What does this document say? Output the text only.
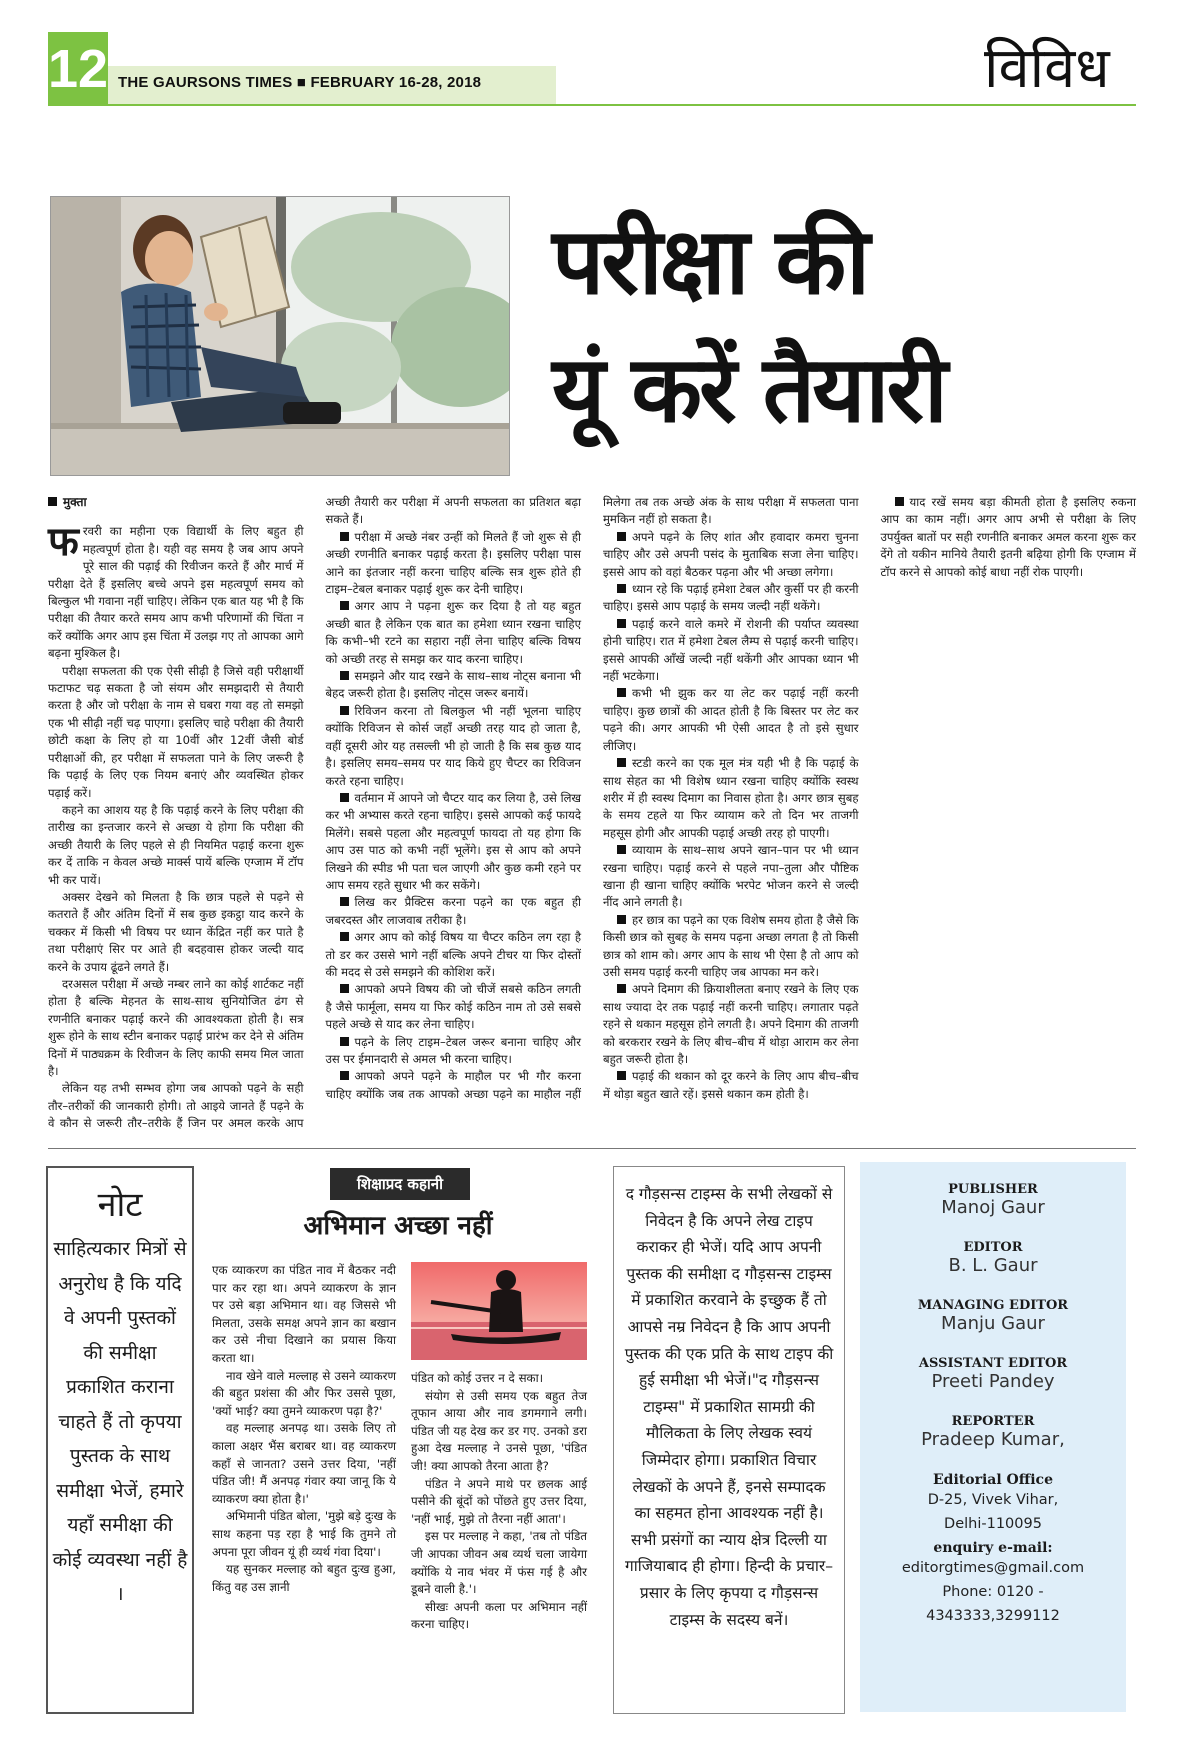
12 THE GAURSONS TIMES ■ FEBRUARY 16-28, 2018	विविध
परीक्षा की
यूं करें तैयारी
मुक्ता

फरवरी का महीना एक विद्यार्थी के लिए बहुत ही महत्वपूर्ण होता है। यही वह समय है जब आप अपने पूरे साल की पढ़ाई की रिवीजन करते हैं और मार्च में परीक्षा देते हैं इसलिए बच्चे अपने इस महत्वपूर्ण समय को बिल्कुल भी गवाना नहीं चाहिए। लेकिन एक बात यह भी है कि परीक्षा की तैयार करते समय आप कभी परिणामों की चिंता न करें क्योंकि अगर आप इस चिंता में उलझ गए तो आपका आगे बढ़ना मुश्किल है।

परीक्षा सफलता की एक ऐसी सीढ़ी है जिसे वही परीक्षार्थी फटाफट चढ़ सकता है जो संयम और समझदारी से तैयारी करता है और जो परीक्षा के नाम से घबरा गया वह तो समझो एक भी सीढ़ी नहीं चढ़ पाएगा। इसलिए चाहे परीक्षा की तैयारी छोटी कक्षा के लिए हो या 10वीं और 12वीं जैसी बोर्ड परीक्षाओं की, हर परीक्षा में सफलता पाने के लिए जरूरी है कि पढ़ाई के लिए एक नियम बनाएं और व्यवस्थित होकर पढ़ाई करें।

कहने का आशय यह है कि पढ़ाई करने के लिए परीक्षा की तारीख का इन्तजार करने से अच्छा ये होगा कि परीक्षा की अच्छी तैयारी के लिए पहले से ही नियमित पढ़ाई करना शुरू कर दें ताकि न केवल अच्छे मार्क्स पायें बल्कि एग्जाम में टॉप भी कर पायें।

अक्सर देखने को मिलता है कि छात्र पहले से पढ़ने से कतराते हैं और अंतिम दिनों में सब कुछ इकट्ठा याद करने के चक्कर में किसी भी विषय पर ध्यान केंद्रित नहीं कर पाते है तथा परीक्षाएं सिर पर आते ही बदहवास होकर जल्दी याद करने के उपाय ढूंढने लगते हैं।

दरअसल परीक्षा में अच्छे नम्बर लाने का कोई शार्टकट नहीं होता है बल्कि मेहनत के साथ-साथ सुनियोजित ढंग से रणनीति बनाकर पढ़ाई करने की आवश्यकता होती है। सत्र शुरू होने के साथ स्टीन बनाकर पढ़ाई प्रारंभ कर देने से अंतिम दिनों में पाठ्यक्रम के रिवीजन के लिए काफी समय मिल जाता है।

लेकिन यह तभी सम्भव होगा जब आपको पढ़ने के सही तौर–तरीकों की जानकारी होगी। तो आइये जानते हैं पढ़ने के वे कौन से जरूरी तौर–तरीके हैं जिन पर अमल करके आप अच्छी तैयारी कर परीक्षा में अपनी सफलता का प्रतिशत बढ़ा सकते हैं।

परीक्षा में अच्छे नंबर उन्हीं को मिलते हैं जो शुरू से ही अच्छी रणनीति बनाकर पढ़ाई करता है। इसलिए परीक्षा पास आने का इंतजार नहीं करना चाहिए बल्कि सत्र शुरू होते ही टाइम–टेबल बनाकर पढ़ाई शुरू कर देनी चाहिए।

अगर आप ने पढ़ना शुरू कर दिया है तो यह बहुत अच्छी बात है लेकिन एक बात का हमेशा ध्यान रखना चाहिए कि कभी–भी रटने का सहारा नहीं लेना चाहिए बल्कि विषय को अच्छी तरह से समझ कर याद करना चाहिए।

समझने और याद रखने के साथ–साथ नोट्स बनाना भी बेहद जरूरी होता है। इसलिए नोट्स जरूर बनायें।

रिविजन करना तो बिलकुल भी नहीं भूलना चाहिए क्योंकि रिविजन से कोर्स जहाँ अच्छी तरह याद हो जाता है, वहीं दूसरी ओर यह तसल्ली भी हो जाती है कि सब कुछ याद है। इसलिए समय–समय पर याद किये हुए चैप्टर का रिविजन करते रहना चाहिए।

वर्तमान में आपने जो चैप्टर याद कर लिया है, उसे लिख कर भी अभ्यास करते रहना चाहिए। इससे आपको कई फायदे मिलेंगे। सबसे पहला और महत्वपूर्ण फायदा तो यह होगा कि आप उस पाठ को कभी नहीं भूलेंगे। इस से आप को अपने लिखने की स्पीड भी पता चल जाएगी और कुछ कमी रहने पर आप समय रहते सुधार भी कर सकेंगे।

लिख कर प्रैक्टिस करना पढ़ने का एक बहुत ही जबरदस्त और लाजवाब तरीका है।

अगर आप को कोई विषय या चैप्टर कठिन लग रहा है तो डर कर उससे भागे नहीं बल्कि अपने टीचर या फिर दोस्तों की मदद से उसे समझने की कोशिश करें।

आपको अपने विषय की जो चीजें सबसे कठिन लगती है जैसे फार्मूला, समय या फिर कोई कठिन नाम तो उसे सबसे पहले अच्छे से याद कर लेना चाहिए।

पढ़ने के लिए टाइम–टेबल जरूर बनाना चाहिए और उस पर ईमानदारी से अमल भी करना चाहिए।

आपको अपने पढ़ने के माहौल पर भी गौर करना चाहिए क्योंकि जब तक आपको अच्छा पढ़ने का माहौल नहीं मिलेगा तब तक अच्छे अंक के साथ परीक्षा में सफलता पाना मुमकिन नहीं हो सकता है।

अपने पढ़ने के लिए शांत और हवादार कमरा चुनना चाहिए और उसे अपनी पसंद के मुताबिक सजा लेना चाहिए। इससे आप को वहां बैठकर पढ़ना और भी अच्छा लगेगा।

ध्यान रहे कि पढ़ाई हमेशा टेबल और कुर्सी पर ही करनी चाहिए। इससे आप पढ़ाई के समय जल्दी नहीं थकेंगे।

पढ़ाई करने वाले कमरे में रोशनी की पर्याप्त व्यवस्था होनी चाहिए। रात में हमेशा टेबल लैम्प से पढ़ाई करनी चाहिए। इससे आपकी आँखें जल्दी नहीं थकेंगी और आपका ध्यान भी नहीं भटकेगा।

कभी भी झुक कर या लेट कर पढ़ाई नहीं करनी चाहिए। कुछ छात्रों की आदत होती है कि बिस्तर पर लेट कर पढ़ने की। अगर आपकी भी ऐसी आदत है तो इसे सुधार लीजिए।

स्टडी करने का एक मूल मंत्र यही भी है कि पढ़ाई के साथ सेहत का भी विशेष ध्यान रखना चाहिए क्योंकि स्वस्थ शरीर में ही स्वस्थ दिमाग का निवास होता है। अगर छात्र सुबह के समय टहले या फिर व्यायाम करे तो दिन भर ताजगी महसूस होगी और आपकी पढ़ाई अच्छी तरह हो पाएगी।

व्यायाम के साथ–साथ अपने खान–पान पर भी ध्यान रखना चाहिए। पढ़ाई करने से पहले नपा–तुला और पौष्टिक खाना ही खाना चाहिए क्योंकि भरपेट भोजन करने से जल्दी नींद आने लगती है।

हर छात्र का पढ़ने का एक विशेष समय होता है जैसे कि किसी छात्र को सुबह के समय पढ़ना अच्छा लगता है तो किसी छात्र को शाम को। अगर आप के साथ भी ऐसा है तो आप को उसी समय पढ़ाई करनी चाहिए जब आपका मन करे।

अपने दिमाग की क्रियाशीलता बनाए रखने के लिए एक साथ ज्यादा देर तक पढ़ाई नहीं करनी चाहिए। लगातार पढ़ते रहने से थकान महसूस होने लगती है। अपने दिमाग की ताजगी को बरकरार रखने के लिए बीच–बीच में थोड़ा आराम कर लेना बहुत जरूरी होता है।

पढ़ाई की थकान को दूर करने के लिए आप बीच–बीच में थोड़ा बहुत खाते रहें। इससे थकान कम होती है।

याद रखें समय बड़ा कीमती होता है इसलिए रुकना आप का काम नहीं। अगर आप अभी से परीक्षा के लिए उपर्युक्त बातों पर सही रणनीति बनाकर अमल करना शुरू कर देंगे तो यकीन मानिये तैयारी इतनी बढ़िया होगी कि एग्जाम में टॉप करने से आपको कोई बाधा नहीं रोक पाएगी।

नोट
साहित्यकार मित्रों से अनुरोध है कि यदि वे अपनी पुस्तकों की समीक्षा प्रकाशित कराना चाहते हैं तो कृपया पुस्तक के साथ समीक्षा भेजें, हमारे यहाँ समीक्षा की कोई व्यवस्था नहीं है ।
शिक्षाप्रद कहानी
अभिमान अच्छा नहीं

एक व्याकरण का पंडित नाव में बैठकर नदी पार कर रहा था। अपने व्याकरण के ज्ञान पर उसे बड़ा अभिमान था। वह जिससे भी मिलता, उसके समक्ष अपने ज्ञान का बखान कर उसे नीचा दिखाने का प्रयास किया करता था।

नाव खेने वाले मल्लाह से उसने व्याकरण की बहुत प्रशंसा की और फिर उससे पूछा, 'क्यों भाई? क्या तुमने व्याकरण पढ़ा है?'

वह मल्लाह अनपढ़ था। उसके लिए तो काला अक्षर भैंस बराबर था। वह व्याकरण कहाँ से जानता? उसने उत्तर दिया, 'नहीं पंडित जी! मैं अनपढ़ गंवार क्या जानू कि ये व्याकरण क्या होता है।'

अभिमानी पंडित बोला, 'मुझे बड़े दुःख के साथ कहना पड़ रहा है भाई कि तुमने तो अपना पूरा जीवन यूं ही व्यर्थ गंवा दिया'।

यह सुनकर मल्लाह को बहुत दुःख हुआ, किंतु वह उस ज्ञानी

पंडित को कोई उत्तर न दे सका।

संयोग से उसी समय एक बहुत तेज तूफान आया और नाव डगमगाने लगी। पंडित जी यह देख कर डर गए. उनको डरा हुआ देख मल्लाह ने उनसे पूछा, 'पंडित जी! क्या आपको तैरना आता है?

पंडित ने अपने माथे पर छलक आई पसीने की बूंदों को पोंछते हुए उत्तर दिया, 'नहीं भाई, मुझे तो तैरना नहीं आता'।

इस पर मल्लाह ने कहा, 'तब तो पंडित जी आपका जीवन अब व्यर्थ चला जायेगा क्योंकि ये नाव भंवर में फंस गई है और डूबने वाली है.'।

सीखः अपनी कला पर अभिमान नहीं करना चाहिए।

द गौड़सन्स टाइम्स के सभी लेखकों से निवेदन है कि अपने लेख टाइप कराकर ही भेजें। यदि आप अपनी पुस्तक की समीक्षा द गौड़सन्स टाइम्स में प्रकाशित करवाने के इच्छुक हैं तो आपसे नम्र निवेदन है कि आप अपनी पुस्तक की एक प्रति के साथ टाइप की हुई समीक्षा भी भेजें।"द गौड़सन्स टाइम्स" में प्रकाशित सामग्री की मौलिकता के लिए लेखक स्वयं जिम्मेदार होगा। प्रकाशित विचार लेखकों के अपने हैं, इनसे सम्पादक का सहमत होना आवश्यक नहीं है। सभी प्रसंगों का न्याय क्षेत्र दिल्ली या गाजियाबाद ही होगा। हिन्दी के प्रचार–प्रसार के लिए कृपया द गौड़सन्स टाइम्स के सदस्य बनें।
PUBLISHER
Manoj Gaur
EDITOR
B. L. Gaur
MANAGING EDITOR
Manju Gaur
ASSISTANT EDITOR
Preeti Pandey
REPORTER
Pradeep Kumar,
Editorial Office
D-25, Vivek Vihar,
Delhi-110095
enquiry e-mail:
editorgtimes@gmail.com
Phone: 0120 -
4343333,3299112
